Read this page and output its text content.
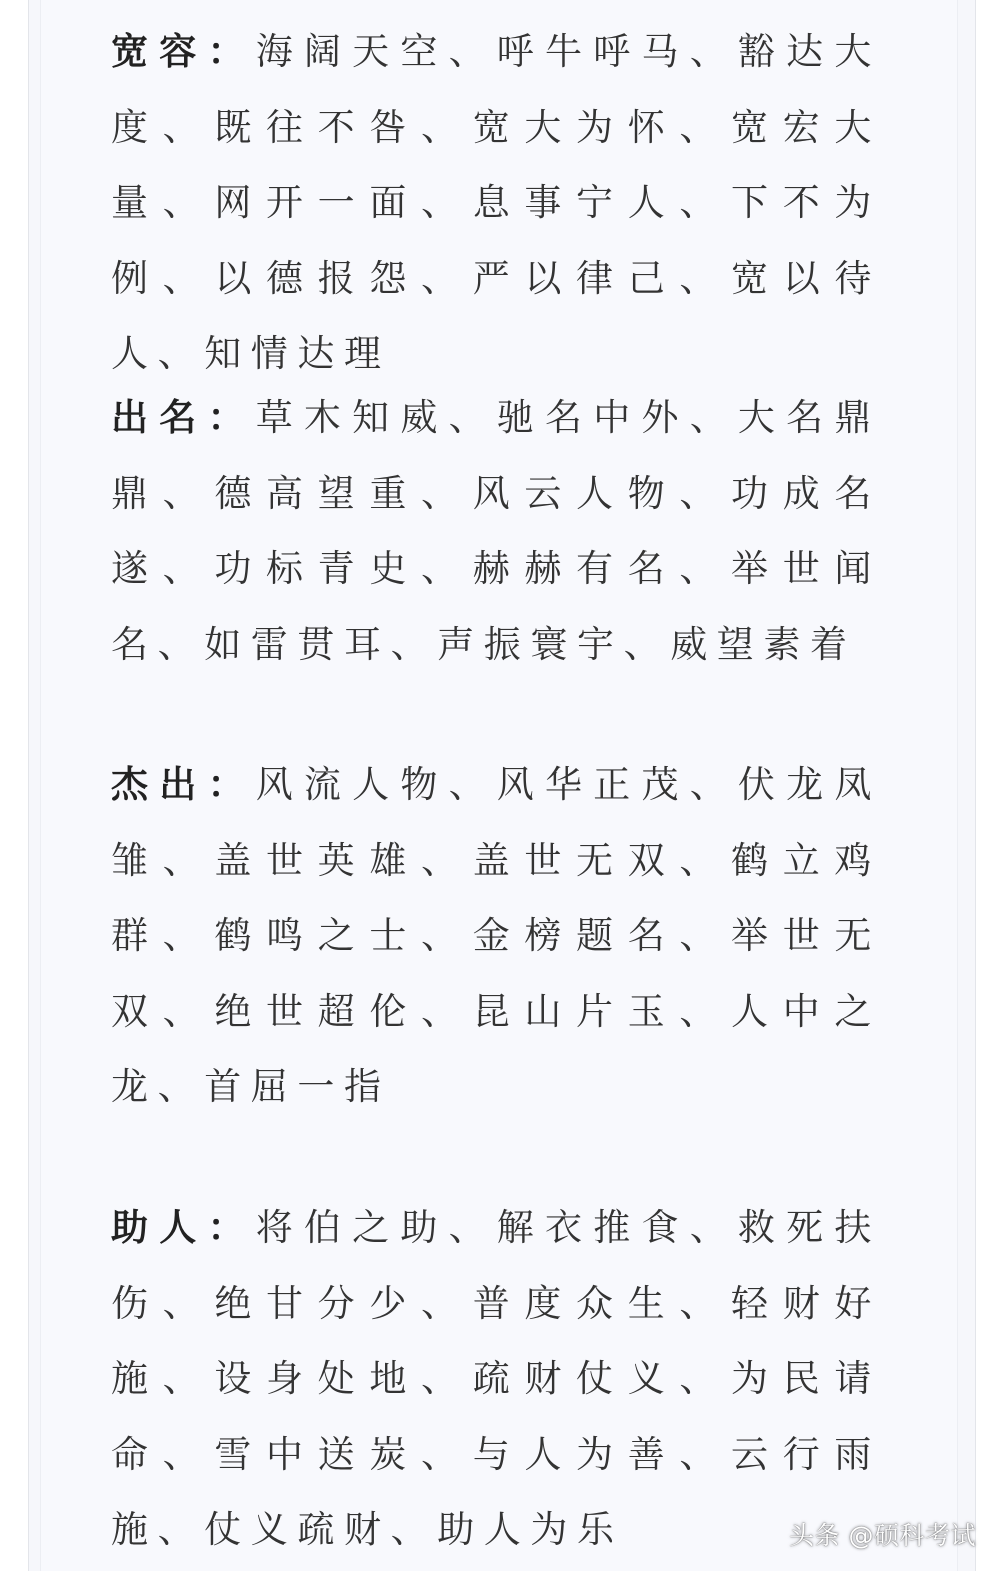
宽容：海阔天空、呼牛呼马、豁达大度、既往不咎、宽大为怀、宽宏大量、网开一面、息事宁人、下不为例、以德报怨、严以律己、宽以待人、知情达理

出名：草木知威、驰名中外、大名鼎鼎、德高望重、风云人物、功成名遂、功标青史、赫赫有名、举世闻名、如雷贯耳、声振寰宇、威望素着

杰出：风流人物、风华正茂、伏龙凤雏、盖世英雄、盖世无双、鹤立鸡群、鹤鸣之士、金榜题名、举世无双、绝世超伦、昆山片玉、人中之龙、首屈一指

助人：将伯之助、解衣推食、救死扶伤、绝甘分少、普度众生、轻财好施、设身处地、疏财仗义、为民请命、雪中送炭、与人为善、云行雨施、仗义疏财、助人为乐	头条 @硕科考试
